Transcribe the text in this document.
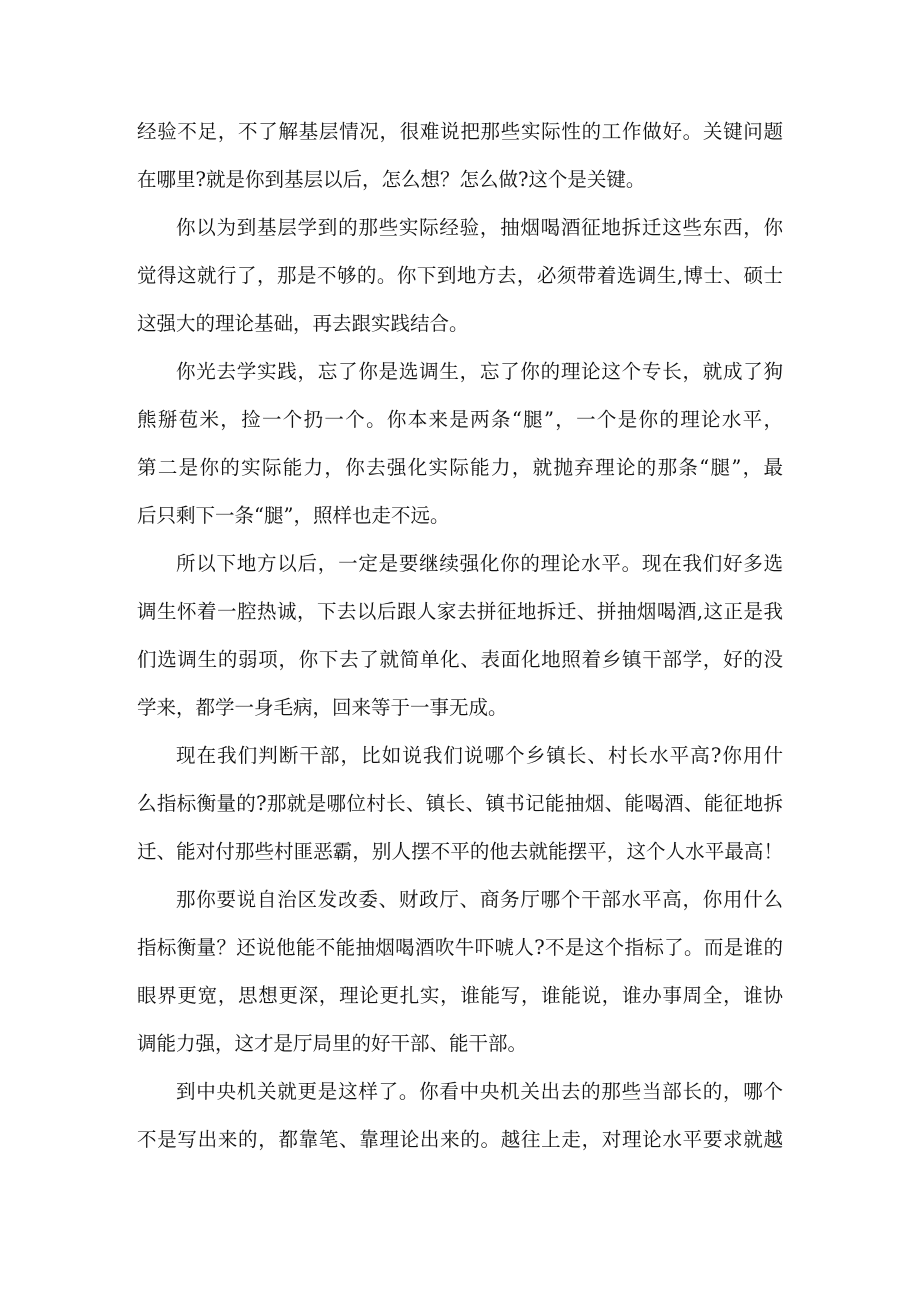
经验不足，不了解基层情况，很难说把那些实际性的工作做好。关键问题
在哪里?就是你到基层以后，怎么想？怎么做?这个是关键。
你以为到基层学到的那些实际经验，抽烟喝酒征地拆迁这些东西，你
觉得这就行了，那是不够的。你下到地方去，必须带着选调生,博士、硕士
这强大的理论基础，再去跟实践结合。
你光去学实践，忘了你是选调生，忘了你的理论这个专长，就成了狗
熊掰苞米，捡一个扔一个。你本来是两条“腿”，一个是你的理论水平，
第二是你的实际能力，你去强化实际能力，就抛弃理论的那条“腿”，最
后只剩下一条“腿”，照样也走不远。
所以下地方以后，一定是要继续强化你的理论水平。现在我们好多选
调生怀着一腔热诚，下去以后跟人家去拼征地拆迁、拼抽烟喝酒,这正是我
们选调生的弱项，你下去了就简单化、表面化地照着乡镇干部学，好的没
学来，都学一身毛病，回来等于一事无成。
现在我们判断干部，比如说我们说哪个乡镇长、村长水平高?你用什
么指标衡量的?那就是哪位村长、镇长、镇书记能抽烟、能喝酒、能征地拆
迁、能对付那些村匪恶霸，别人摆不平的他去就能摆平，这个人水平最高！
那你要说自治区发改委、财政厅、商务厅哪个干部水平高，你用什么
指标衡量？还说他能不能抽烟喝酒吹牛吓唬人?不是这个指标了。而是谁的
眼界更宽，思想更深，理论更扎实，谁能写，谁能说，谁办事周全，谁协
调能力强，这才是厅局里的好干部、能干部。
到中央机关就更是这样了。你看中央机关出去的那些当部长的，哪个
不是写出来的，都靠笔、靠理论出来的。越往上走，对理论水平要求就越
